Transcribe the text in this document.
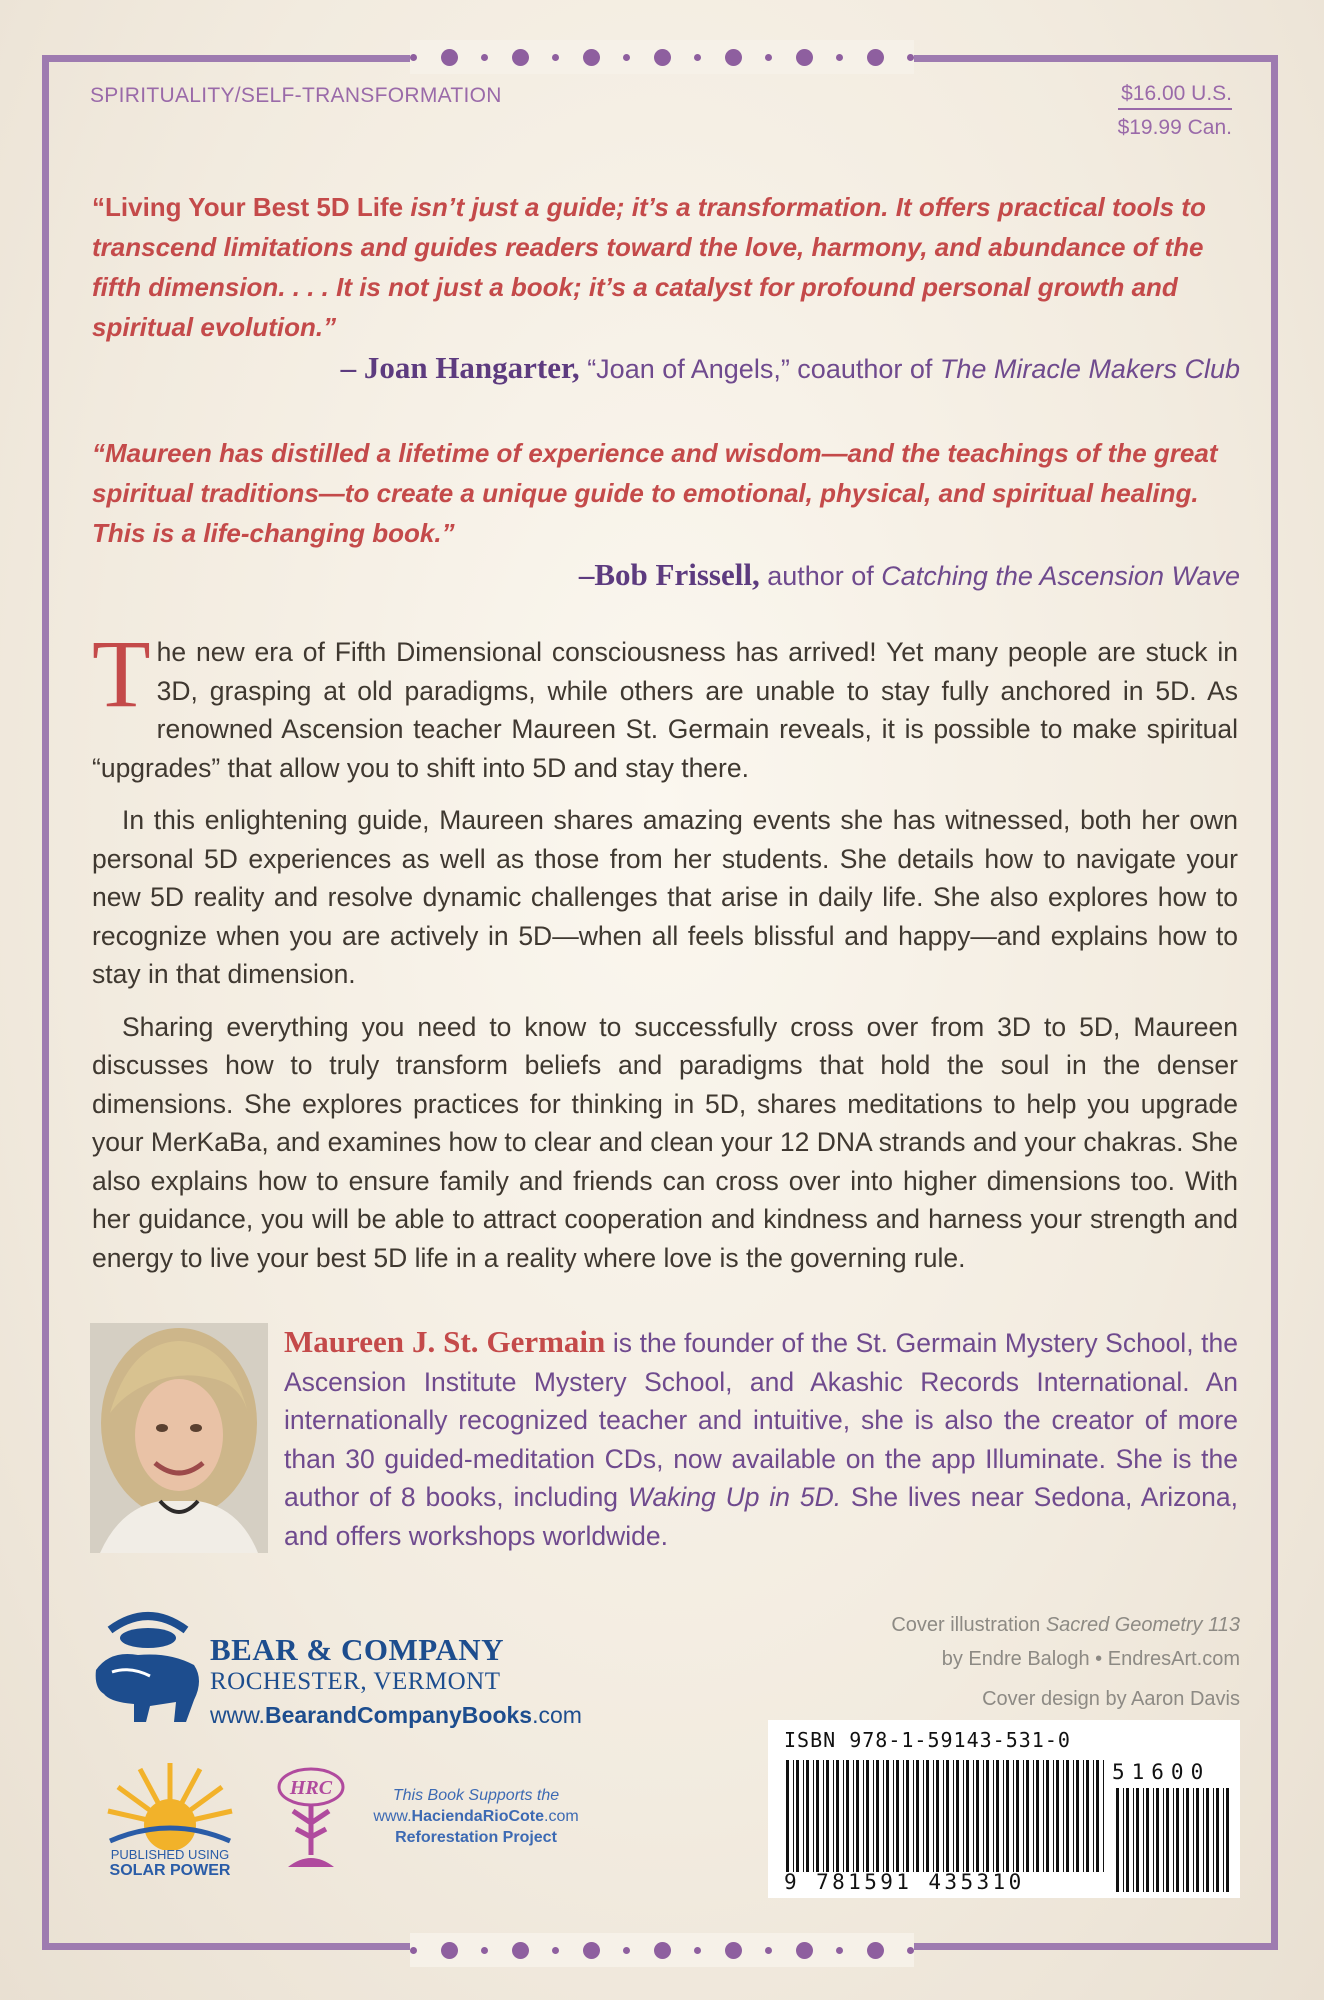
SPIRITUALITY/SELF-TRANSFORMATION	$16.00 U.S.
$19.99 Can.
“Living Your Best 5D Life isn’t just a guide; it’s a transformation. It offers practical tools to transcend limitations and guides readers toward the love, harmony, and abundance of the fifth dimension. . . . It is not just a book; it’s a catalyst for profound personal growth and spiritual evolution.”
– Joan Hangarter, “Joan of Angels,” coauthor of The Miracle Makers Club
“Maureen has distilled a lifetime of experience and wisdom—and the teachings of the great spiritual traditions—to create a unique guide to emotional, physical, and spiritual healing. This is a life-changing book.”
–Bob Frissell, author of Catching the Ascension Wave

The new era of Fifth Dimensional consciousness has arrived! Yet many people are stuck in 3D, grasping at old paradigms, while others are unable to stay fully anchored in 5D. As renowned Ascension teacher Maureen St. Germain reveals, it is possible to make spiritual “upgrades” that allow you to shift into 5D and stay there.

In this enlightening guide, Maureen shares amazing events she has witnessed, both her own personal 5D experiences as well as those from her students. She details how to navigate your new 5D reality and resolve dynamic challenges that arise in daily life. She also explores how to recognize when you are actively in 5D—when all feels blissful and happy—and explains how to stay in that dimension.

Sharing everything you need to know to successfully cross over from 3D to 5D, Maureen discusses how to truly transform beliefs and paradigms that hold the soul in the denser dimensions. She explores practices for thinking in 5D, shares meditations to help you upgrade your MerKaBa, and examines how to clear and clean your 12 DNA strands and your chakras. She also explains how to ensure family and friends can cross over into higher dimensions too. With her guidance, you will be able to attract cooperation and kindness and harness your strength and energy to live your best 5D life in a reality where love is the governing rule.

Maureen J. St. Germain is the founder of the St. Germain Mystery School, the Ascension Institute Mystery School, and Akashic Records International. An internationally recognized teacher and intuitive, she is also the creator of more than 30 guided-meditation CDs, now available on the app Illuminate. She is the author of 8 books, including Waking Up in 5D. She lives near Sedona, Arizona, and offers workshops worldwide.
BEAR & COMPANY
ROCHESTER, VERMONT
www.BearandCompanyBooks.com
Cover illustration Sacred Geometry 113
by Endre Balogh • EndresArt.com
Cover design by Aaron Davis
PUBLISHED USING
SOLAR POWER
HRC	This Book Supports the
www.HaciendaRioCote.com
Reforestation Project
ISBN 978-1-59143-531-0
51600
9 781591 435310
